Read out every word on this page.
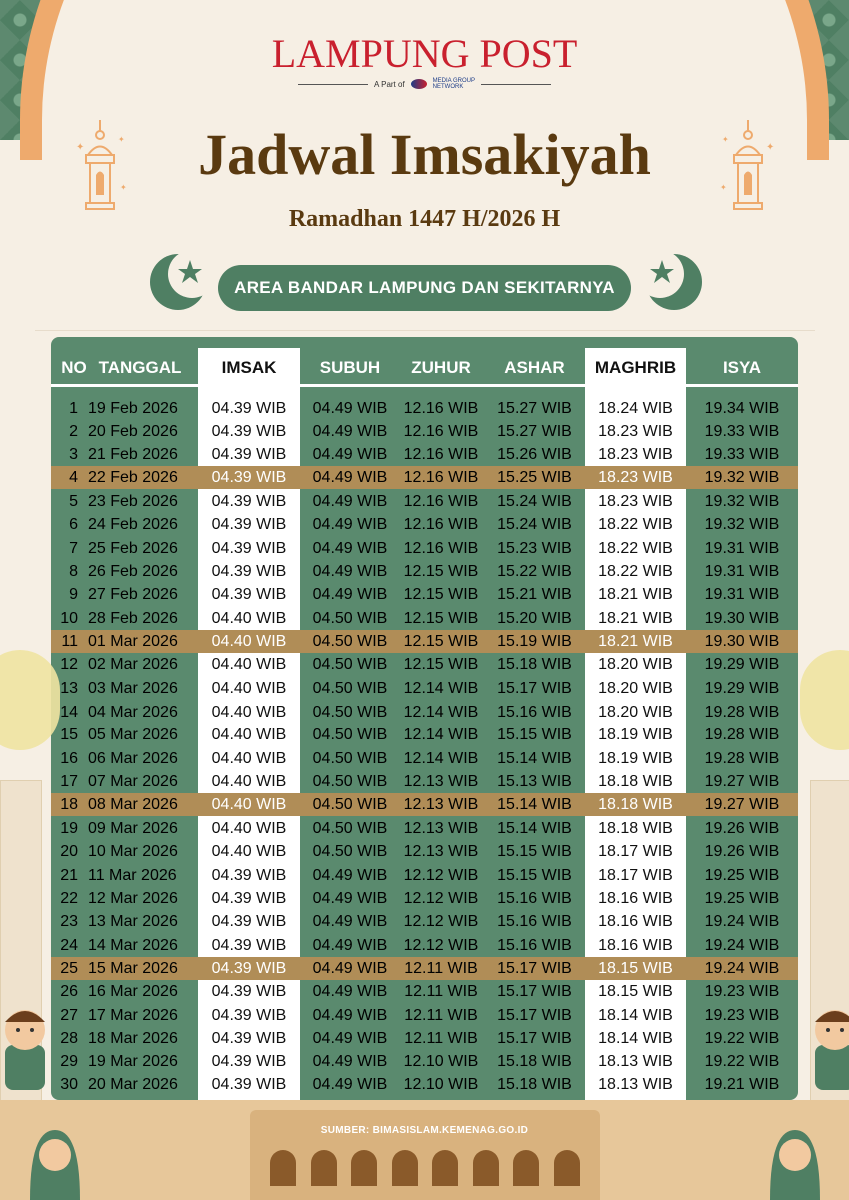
LAMPUNG POST
A Part of	MEDIA GROUP
NETWORK
✦
✦
✦
✦
✦
✦
Jadwal Imsakiyah
Ramadhan 1447 H/2026 H
AREA BANDAR LAMPUNG DAN SEKITARNYA
NO TANGGAL	IMSAK	SUBUH	ZUHUR	ASHAR	MAGHRIB	ISYA
1 19 Feb 2026	04.39 WIB	04.49 WIB	12.16 WIB	15.27 WIB	18.24 WIB	19.34 WIB
2 20 Feb 2026	04.39 WIB	04.49 WIB	12.16 WIB	15.27 WIB	18.23 WIB	19.33 WIB
3 21 Feb 2026	04.39 WIB	04.49 WIB	12.16 WIB	15.26 WIB	18.23 WIB	19.33 WIB
4 22 Feb 2026	04.39 WIB	04.49 WIB	12.16 WIB	15.25 WIB	18.23 WIB	19.32 WIB
5 23 Feb 2026	04.39 WIB	04.49 WIB	12.16 WIB	15.24 WIB	18.23 WIB	19.32 WIB
6 24 Feb 2026	04.39 WIB	04.49 WIB	12.16 WIB	15.24 WIB	18.22 WIB	19.32 WIB
7 25 Feb 2026	04.39 WIB	04.49 WIB	12.16 WIB	15.23 WIB	18.22 WIB	19.31 WIB
8 26 Feb 2026	04.39 WIB	04.49 WIB	12.15 WIB	15.22 WIB	18.22 WIB	19.31 WIB
9 27 Feb 2026	04.39 WIB	04.49 WIB	12.15 WIB	15.21 WIB	18.21 WIB	19.31 WIB
10 28 Feb 2026	04.40 WIB	04.50 WIB	12.15 WIB	15.20 WIB	18.21 WIB	19.30 WIB
11 01 Mar 2026	04.40 WIB	04.50 WIB	12.15 WIB	15.19 WIB	18.21 WIB	19.30 WIB
12 02 Mar 2026	04.40 WIB	04.50 WIB	12.15 WIB	15.18 WIB	18.20 WIB	19.29 WIB
13 03 Mar 2026	04.40 WIB	04.50 WIB	12.14 WIB	15.17 WIB	18.20 WIB	19.29 WIB
14 04 Mar 2026	04.40 WIB	04.50 WIB	12.14 WIB	15.16 WIB	18.20 WIB	19.28 WIB
15 05 Mar 2026	04.40 WIB	04.50 WIB	12.14 WIB	15.15 WIB	18.19 WIB	19.28 WIB
16 06 Mar 2026	04.40 WIB	04.50 WIB	12.14 WIB	15.14 WIB	18.19 WIB	19.28 WIB
17 07 Mar 2026	04.40 WIB	04.50 WIB	12.13 WIB	15.13 WIB	18.18 WIB	19.27 WIB
18 08 Mar 2026	04.40 WIB	04.50 WIB	12.13 WIB	15.14 WIB	18.18 WIB	19.27 WIB
19 09 Mar 2026	04.40 WIB	04.50 WIB	12.13 WIB	15.14 WIB	18.18 WIB	19.26 WIB
20 10 Mar 2026	04.40 WIB	04.50 WIB	12.13 WIB	15.15 WIB	18.17 WIB	19.26 WIB
21 11 Mar 2026	04.39 WIB	04.49 WIB	12.12 WIB	15.15 WIB	18.17 WIB	19.25 WIB
22 12 Mar 2026	04.39 WIB	04.49 WIB	12.12 WIB	15.16 WIB	18.16 WIB	19.25 WIB
23 13 Mar 2026	04.39 WIB	04.49 WIB	12.12 WIB	15.16 WIB	18.16 WIB	19.24 WIB
24 14 Mar 2026	04.39 WIB	04.49 WIB	12.12 WIB	15.16 WIB	18.16 WIB	19.24 WIB
25 15 Mar 2026	04.39 WIB	04.49 WIB	12.11 WIB	15.17 WIB	18.15 WIB	19.24 WIB
26 16 Mar 2026	04.39 WIB	04.49 WIB	12.11 WIB	15.17 WIB	18.15 WIB	19.23 WIB
27 17 Mar 2026	04.39 WIB	04.49 WIB	12.11 WIB	15.17 WIB	18.14 WIB	19.23 WIB
28 18 Mar 2026	04.39 WIB	04.49 WIB	12.11 WIB	15.17 WIB	18.14 WIB	19.22 WIB
29 19 Mar 2026	04.39 WIB	04.49 WIB	12.10 WIB	15.18 WIB	18.13 WIB	19.22 WIB
30 20 Mar 2026	04.39 WIB	04.49 WIB	12.10 WIB	15.18 WIB	18.13 WIB	19.21 WIB
SUMBER: BIMASISLAM.KEMENAG.GO.ID
